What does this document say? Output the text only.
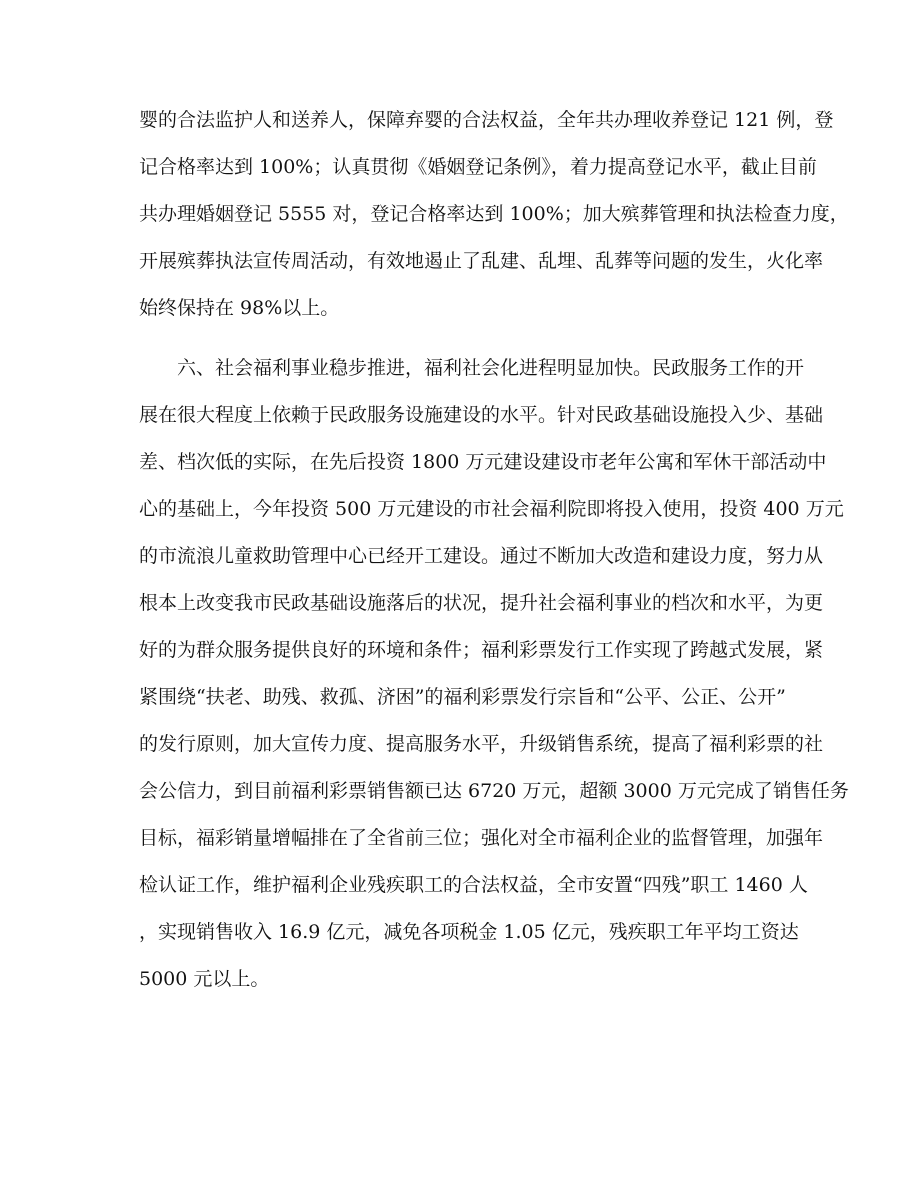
婴的合法监护人和送养人，保障弃婴的合法权益，全年共办理收养登记 121 例，登

记合格率达到 100%；认真贯彻《婚姻登记条例》，着力提高登记水平，截止目前

共办理婚姻登记 5555 对，登记合格率达到 100%；加大殡葬管理和执法检查力度，

开展殡葬执法宣传周活动，有效地遏止了乱建、乱埋、乱葬等问题的发生，火化率

始终保持在 98%以上。

六、社会福利事业稳步推进，福利社会化进程明显加快。民政服务工作的开

展在很大程度上依赖于民政服务设施建设的水平。针对民政基础设施投入少、基础

差、档次低的实际，在先后投资 1800 万元建设建设市老年公寓和军休干部活动中

心的基础上，今年投资 500 万元建设的市社会福利院即将投入使用，投资 400 万元

的市流浪儿童救助管理中心已经开工建设。通过不断加大改造和建设力度，努力从

根本上改变我市民政基础设施落后的状况，提升社会福利事业的档次和水平，为更

好的为群众服务提供良好的环境和条件；福利彩票发行工作实现了跨越式发展，紧

紧围绕“扶老、助残、救孤、济困”的福利彩票发行宗旨和“公平、公正、公开”

的发行原则，加大宣传力度、提高服务水平，升级销售系统，提高了福利彩票的社

会公信力，到目前福利彩票销售额已达 6720 万元，超额 3000 万元完成了销售任务

目标，福彩销量增幅排在了全省前三位；强化对全市福利企业的监督管理，加强年

检认证工作，维护福利企业残疾职工的合法权益，全市安置“四残”职工 1460 人

，实现销售收入 16.9 亿元，减免各项税金 1.05 亿元，残疾职工年平均工资达

5000 元以上。
